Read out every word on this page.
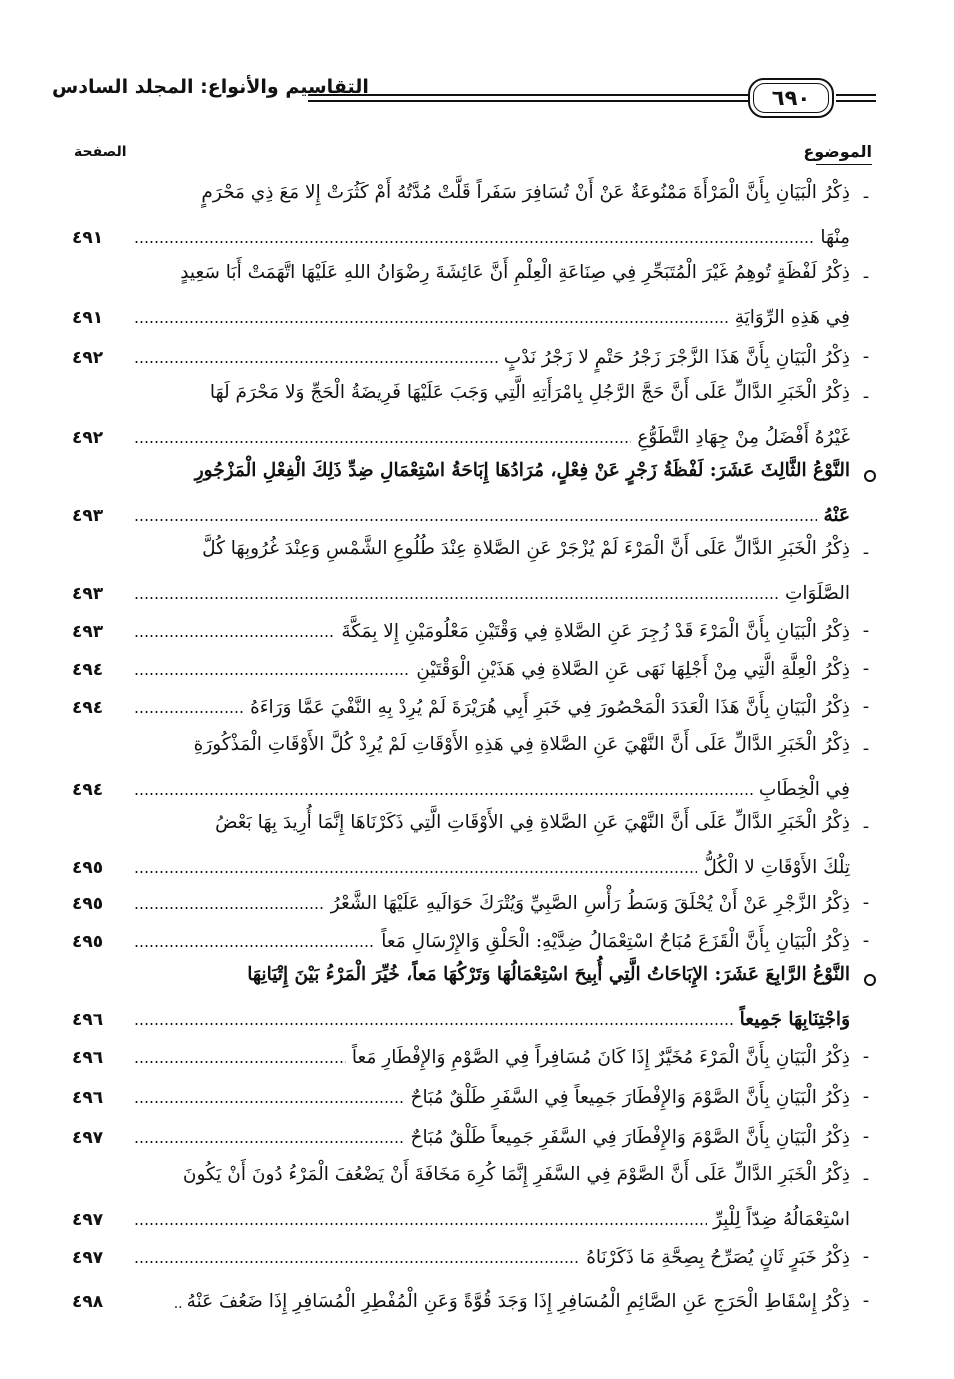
٦٩٠
التقاسيم والأنواع: المجلد السادس
الموضوع
الصفحة
-
ذِكْرُ الْبَيَانِ بِأَنَّ الْمَرْأَةَ مَمْنُوعَةٌ عَنْ أَنْ تُسَافِرَ سَفَراً قَلَّتْ مُدَّتُهُ أَمْ كَثُرَتْ إِلا مَعَ ذِي مَحْرَمٍ
مِنْهَا
٤٩١
-
ذِكْرُ لَفْظَةٍ تُوهِمُ غَيْرَ الْمُتَبَحِّرِ فِي صِنَاعَةِ الْعِلْمِ أَنَّ عَائِشَةَ رِضْوَانُ اللهِ عَلَيْهَا اتَّهَمَتْ أَبَا سَعِيدٍ
فِي هَذِهِ الرِّوَايَةِ
٤٩١
-
ذِكْرُ الْبَيَانِ بِأَنَّ هَذَا الزَّجْرَ زَجْرُ حَتْمٍ لا زَجْرُ نَدْبٍ
٤٩٢
-
ذِكْرُ الْخَبَرِ الدَّالِّ عَلَى أَنَّ حَجَّ الرَّجُلِ بِامْرَأَتِهِ الَّتِي وَجَبَ عَلَيْهَا فَرِيضَةُ الْحَجِّ وَلا مَحْرَمَ لَهَا
غَيْرُهُ أَفْضَلُ مِنْ جِهَادِ التَّطَوُّعِ
٤٩٢
النَّوْعُ الثَّالِثَ عَشَرَ: لَفْظَةُ زَجْرٍ عَنْ فِعْلٍ، مُرَادُهَا إِبَاحَةُ اسْتِعْمَالِ ضِدِّ ذَلِكَ الْفِعْلِ الْمَزْجُورِ
عَنْهُ
٤٩٣
-
ذِكْرُ الْخَبَرِ الدَّالِّ عَلَى أَنَّ الْمَرْءَ لَمْ يُزْجَرْ عَنِ الصَّلاةِ عِنْدَ طُلُوعِ الشَّمْسِ وَعِنْدَ غُرُوبِهَا كُلَّ
الصَّلَوَاتِ
٤٩٣
-
ذِكْرُ الْبَيَانِ بِأَنَّ الْمَرْءَ قَدْ زُجِرَ عَنِ الصَّلاةِ فِي وَقْتَيْنِ مَعْلُومَيْنِ إِلا بِمَكَّةَ
٤٩٣
-
ذِكْرُ الْعِلَّةِ الَّتِي مِنْ أَجْلِهَا نَهَى عَنِ الصَّلاةِ فِي هَذَيْنِ الْوَقْتَيْنِ
٤٩٤
-
ذِكْرُ الْبَيَانِ بِأَنَّ هَذَا الْعَدَدَ الْمَحْصُورَ فِي خَبَرِ أَبِي هُرَيْرَةَ لَمْ يُرِدْ بِهِ النَّفْيَ عَمَّا وَرَاءَهُ
٤٩٤
-
ذِكْرُ الْخَبَرِ الدَّالِّ عَلَى أَنَّ النَّهْيَ عَنِ الصَّلاةِ فِي هَذِهِ الأَوْقَاتِ لَمْ يُرِدْ كُلَّ الأَوْقَاتِ الْمَذْكُورَةِ
فِي الْخِطَابِ
٤٩٤
-
ذِكْرُ الْخَبَرِ الدَّالِّ عَلَى أَنَّ النَّهْيَ عَنِ الصَّلاةِ فِي الأَوْقَاتِ الَّتِي ذَكَرْنَاهَا إِنَّمَا أُرِيدَ بِهَا بَعْضُ
تِلْكَ الأَوْقَاتِ لا الْكُلُّ
٤٩٥
-
ذِكْرُ الزَّجْرِ عَنْ أَنْ يُحْلَقَ وَسَطُ رَأْسِ الصَّبِيِّ وَيُتْرَكَ حَوَالَيهِ عَلَيْهَا الشَّعْرُ
٤٩٥
-
ذِكْرُ الْبَيَانِ بِأَنَّ الْقَزَعَ مُبَاحٌ اسْتِعْمَالُ ضِدَّيْهِ: الْحَلْقِ وَالإِرْسَالِ مَعاً
٤٩٥
النَّوْعُ الرَّابِعَ عَشَرَ: الإِبَاحَاتُ الَّتِي أُبِيحَ اسْتِعْمَالُهَا وَتَرْكُهَا مَعاً، خُيِّرَ الْمَرْءُ بَيْنَ إِتْيَانِهَا
وَاجْتِنَابِهَا جَمِيعاً
٤٩٦
-
ذِكْرُ الْبَيَانِ بِأَنَّ الْمَرْءَ مُخَيَّرٌ إِذَا كَانَ مُسَافِراً فِي الصَّوْمِ وَالإِفْطَارِ مَعاً
٤٩٦
-
ذِكْرُ الْبَيَانِ بِأَنَّ الصَّوْمَ وَالإِفْطَارَ جَمِيعاً فِي السَّفَرِ طَلْقٌ مُبَاحٌ
٤٩٦
-
ذِكْرُ الْبَيَانِ بِأَنَّ الصَّوْمَ وَالإِفْطَارَ فِي السَّفَرِ جَمِيعاً طَلْقٌ مُبَاحٌ
٤٩٧
-
ذِكْرُ الْخَبَرِ الدَّالِّ عَلَى أَنَّ الصَّوْمَ فِي السَّفَرِ إِنَّمَا كُرِهَ مَخَافَةَ أَنْ يَضْعُفَ الْمَرْءُ دُونَ أَنْ يَكُونَ
اسْتِعْمَالُهُ ضِدّاً لِلْبِرِّ
٤٩٧
-
ذِكْرُ خَبَرٍ ثَانٍ يُصَرِّحُ بِصِحَّةِ مَا ذَكَرْنَاهُ
٤٩٧
-
ذِكْرُ إِسْقَاطِ الْحَرَجِ عَنِ الصَّائِمِ الْمُسَافِرِ إِذَا وَجَدَ قُوَّةً وَعَنِ الْمُفْطِرِ الْمُسَافِرِ إِذَا ضَعُفَ عَنْهُ
..
٤٩٨
